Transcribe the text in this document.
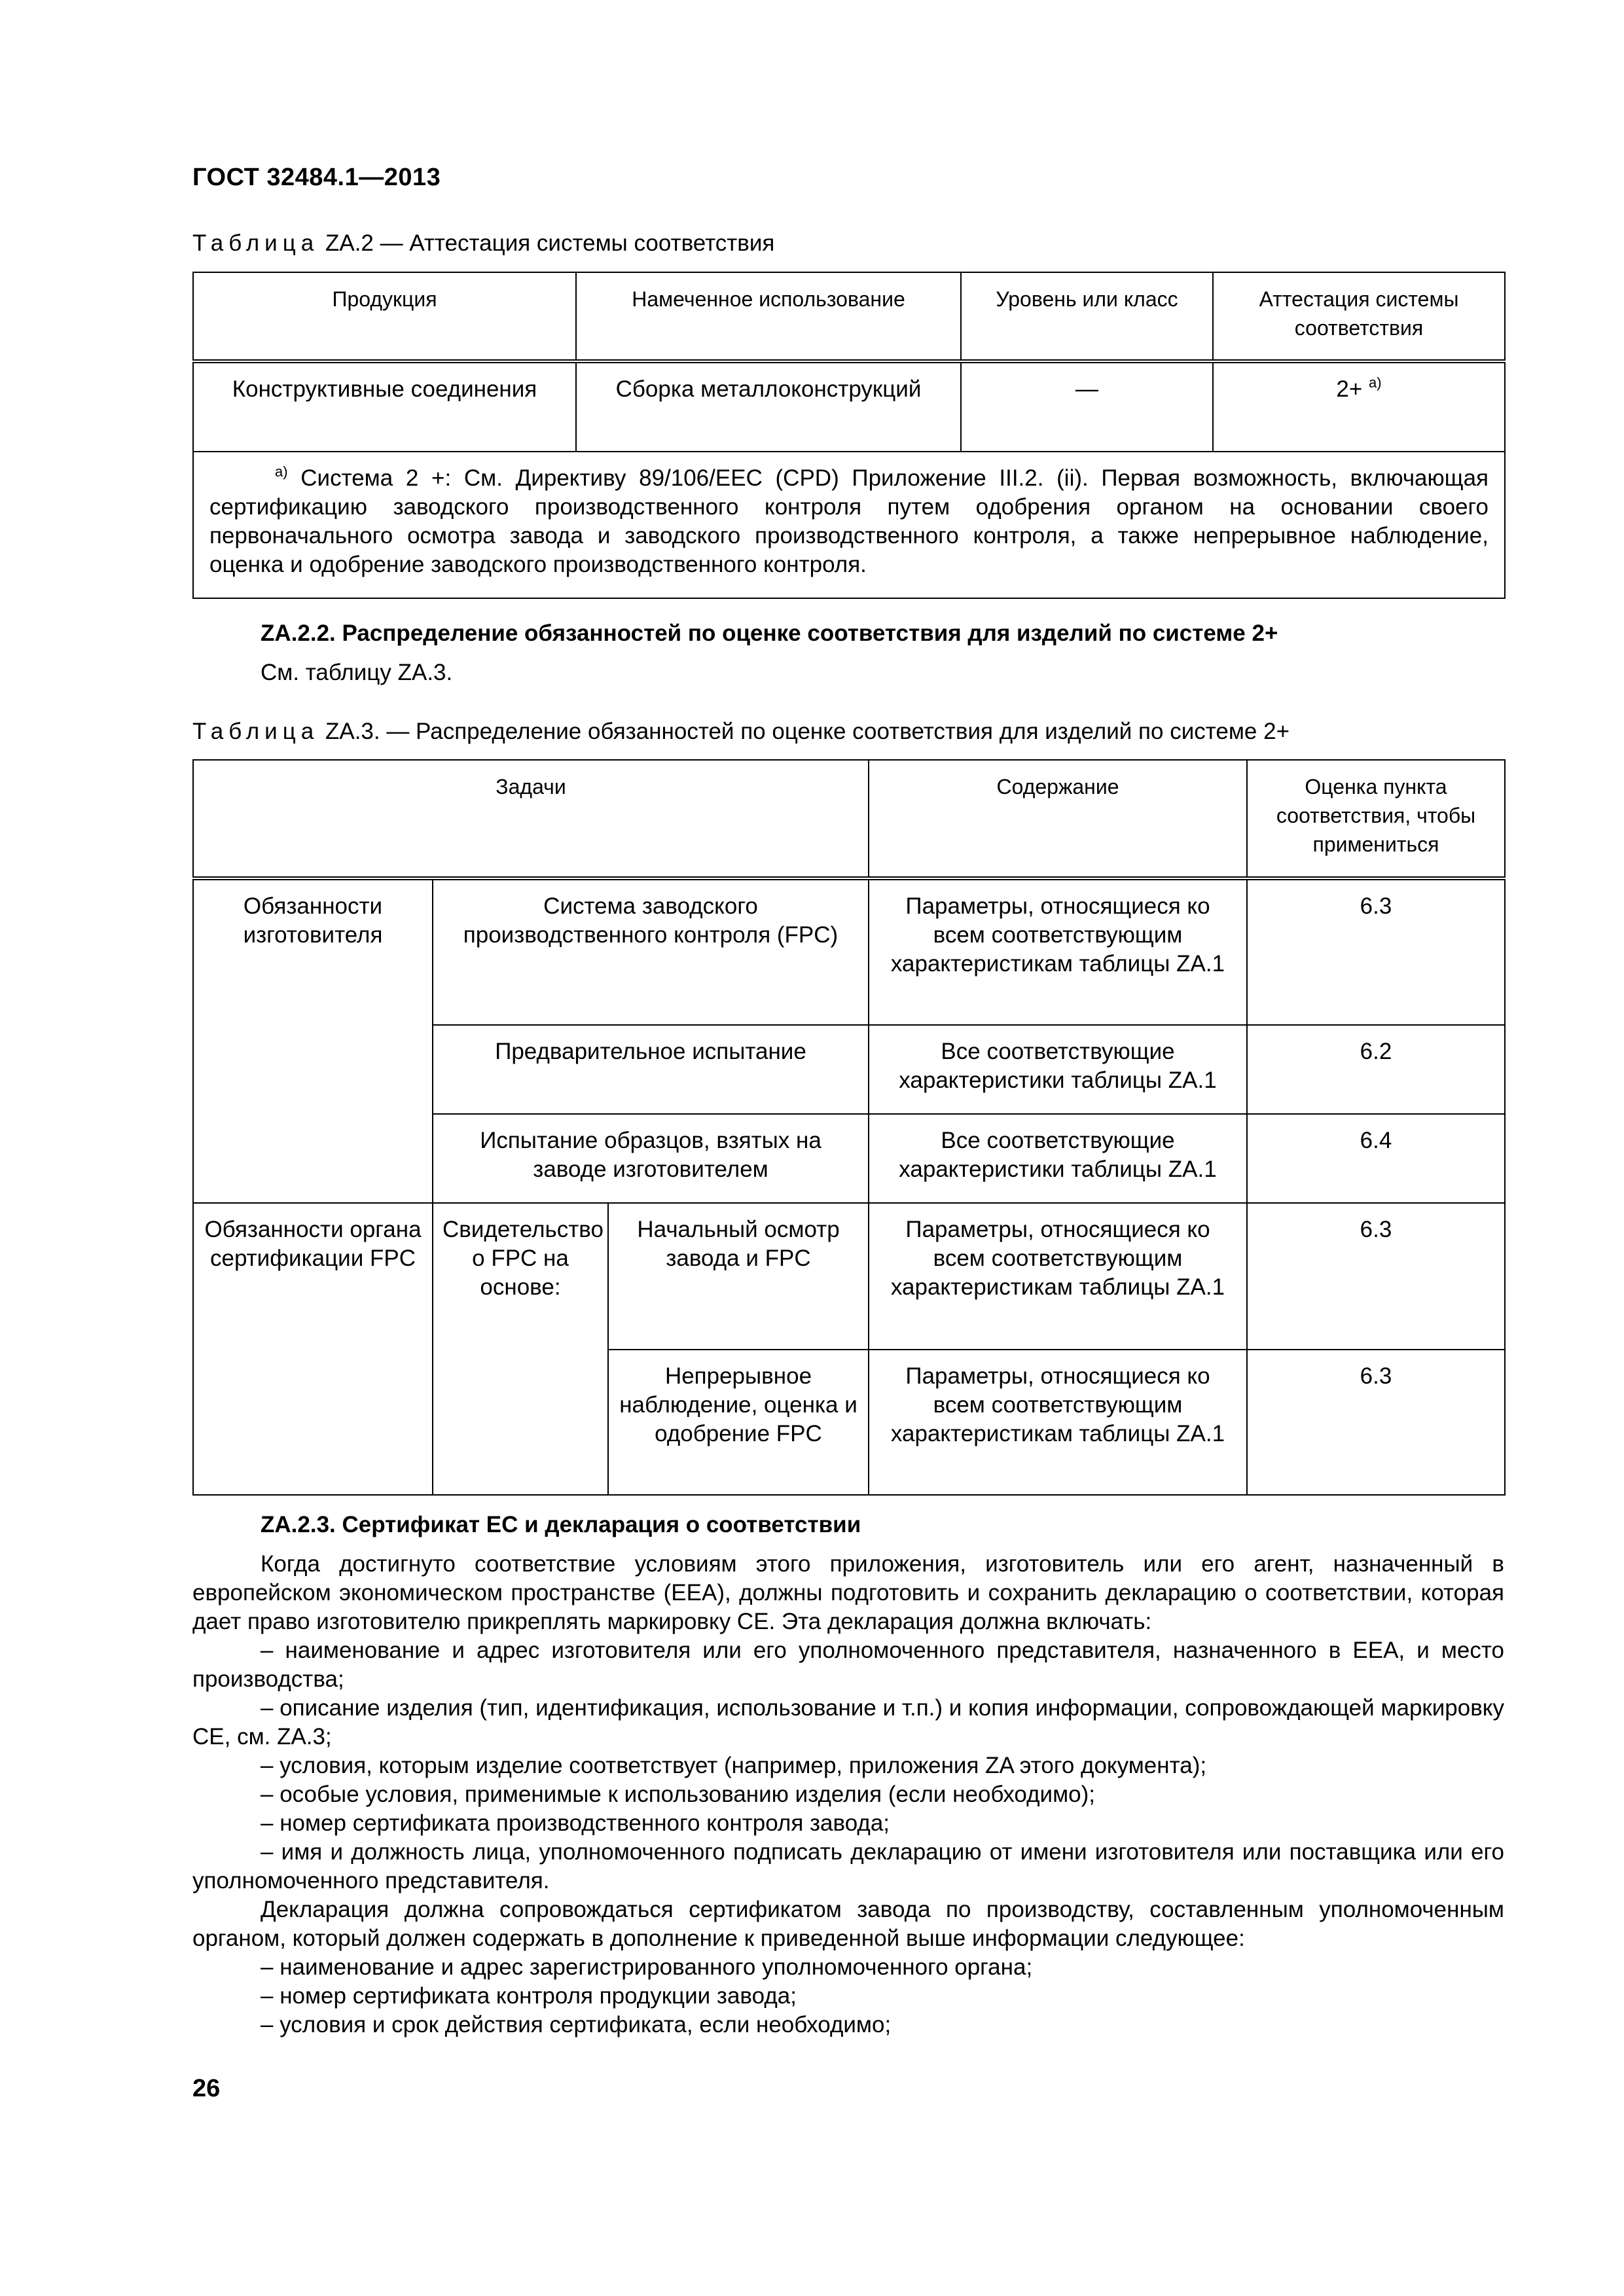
ГОСТ 32484.1—2013
Таблица ZA.2 — Аттестация системы соответствия
Продукция	Намеченное использование	Уровень или класс	Аттестация системы соответствия
Конструктивные соединения	Сборка металлоконструкций	—	2+ $^{а)}$
$^{а)}$ Система 2 +: См. Директиву 89/106/EEC (CPD) Приложение III.2. (ii). Первая возможность, включающая сертификацию заводского производственного контроля путем одобрения органом на основании своего первоначального осмотра завода и заводского производственного контроля, а также непрерывное наблюдение, оценка и одобрение заводского производственного контроля.			
ZA.2.2. Распределение обязанностей по оценке соответствия для изделий по системе 2+
См. таблицу ZA.3.
Таблица ZA.3. — Распределение обязанностей по оценке соответствия для изделий по системе 2+
Задачи			Содержание	Оценка пункта соответствия, чтобы примениться
Обязанности изготовителя	Система заводского производственного контроля (FPC)		Параметры, относящиеся ко всем соответствующим характеристикам таблицы ZA.1	6.3
	Предварительное испытание		Все соответствующие характеристики таблицы ZA.1	6.2
	Испытание образцов, взятых на заводе изготовителем		Все соответствующие характеристики таблицы ZA.1	6.4
Обязанности органа сертификации FPC	Свидетельство о FPC на основе:	Начальный осмотр завода и FPC	Параметры, относящиеся ко всем соответствующим характеристикам таблицы ZA.1	6.3
		Непрерывное наблюдение, оценка и одобрение FPC	Параметры, относящиеся ко всем соответствующим характеристикам таблицы ZA.1	6.3
ZA.2.3. Сертификат ЕС и декларация о соответствии
Когда достигнуто соответствие условиям этого приложения, изготовитель или его агент, назначенный в европейском экономическом пространстве (EEA), должны подготовить и сохранить декларацию о соответствии, которая дает право изготовителю прикреплять маркировку СЕ. Эта декларация должна включать:
– наименование и адрес изготовителя или его уполномоченного представителя, назначенного в EEA, и место производства;
– описание изделия (тип, идентификация, использование и т.п.) и копия информации, сопровождающей маркировку СЕ, см. ZA.3;
– условия, которым изделие соответствует (например, приложения ZA этого документа);
– особые условия, применимые к использованию изделия (если необходимо);
– номер сертификата производственного контроля завода;
– имя и должность лица, уполномоченного подписать декларацию от имени изготовителя или поставщика или его уполномоченного представителя.
Декларация должна сопровождаться сертификатом завода по производству, составленным уполномоченным органом, который должен содержать в дополнение к приведенной выше информации следующее:
– наименование и адрес зарегистрированного уполномоченного органа;
– номер сертификата контроля продукции завода;
– условия и срок действия сертификата, если необходимо;
26
